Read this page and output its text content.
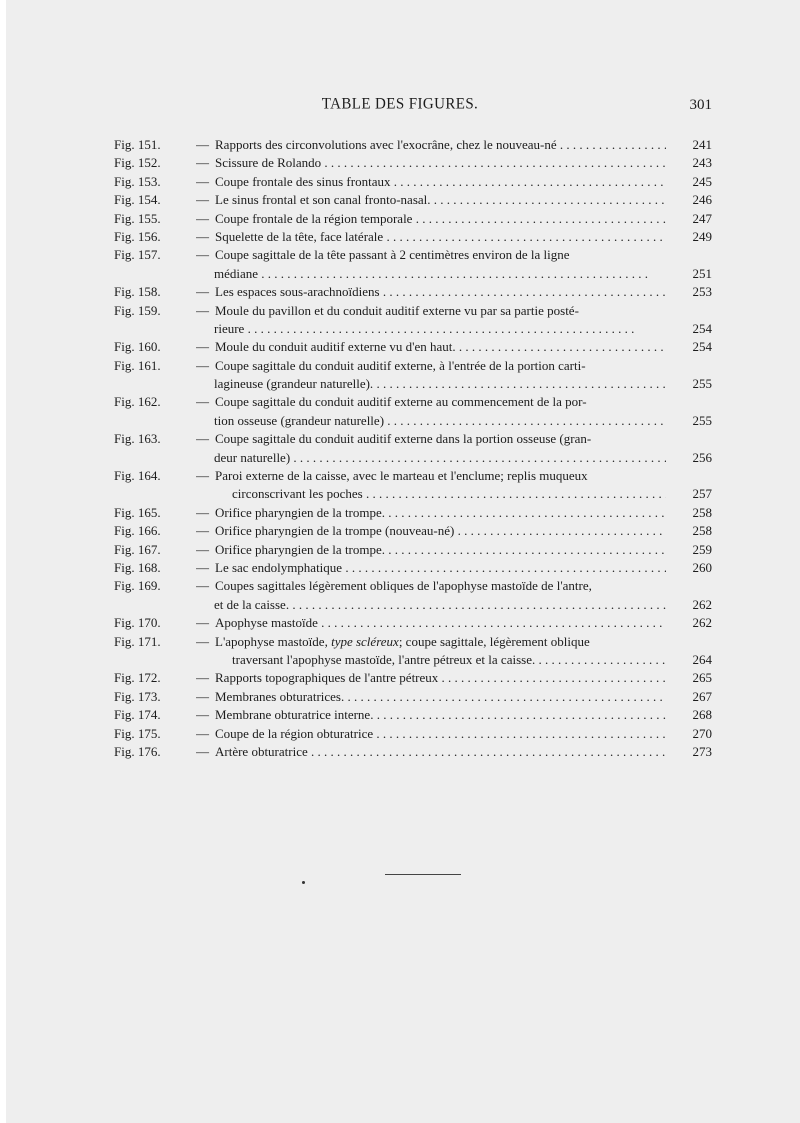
TABLE DES FIGURES.	301
Fig. 151.	— Rapports des circonvolutions avec l'exocrâne, chez le nouveau-né . . .	241
Fig. 152.	— Scissure de Rolando . . .	243
Fig. 153.	— Coupe frontale des sinus frontaux . . .	245
Fig. 154.	— Le sinus frontal et son canal fronto-nasal. . . .	246
Fig. 155.	— Coupe frontale de la région temporale . . .	247
Fig. 156.	— Squelette de la tête, face latérale . . .	249
Fig. 157.	— Coupe sagittale de la tête passant à 2 centimètres environ de la ligne
médiane . . .	251
Fig. 158.	— Les espaces sous-arachnoïdiens . . .	253
Fig. 159.	— Moule du pavillon et du conduit auditif externe vu par sa partie posté-
rieure . . .	254
Fig. 160.	— Moule du conduit auditif externe vu d'en haut. . . .	254
Fig. 161.	— Coupe sagittale du conduit auditif externe, à l'entrée de la portion carti-
lagineuse (grandeur naturelle). . . .	255
Fig. 162.	— Coupe sagittale du conduit auditif externe au commencement de la por-
tion osseuse (grandeur naturelle) . . .	255
Fig. 163.	— Coupe sagittale du conduit auditif externe dans la portion osseuse (gran-
deur naturelle) . . .	256
Fig. 164.	— Paroi externe de la caisse, avec le marteau et l'enclume; replis muqueux
circonscrivant les poches . . .	257
Fig. 165.	— Orifice pharyngien de la trompe. . . .	258
Fig. 166.	— Orifice pharyngien de la trompe (nouveau-né) . . .	258
Fig. 167.	— Orifice pharyngien de la trompe. . . .	259
Fig. 168.	— Le sac endolymphatique . . .	260
Fig. 169.	— Coupes sagittales légèrement obliques de l'apophyse mastoïde de l'antre,
et de la caisse. . . .	262
Fig. 170.	— Apophyse mastoïde . . .	262
Fig. 171.	— L'apophyse mastoïde, type scléreux; coupe sagittale, légèrement oblique
traversant l'apophyse mastoïde, l'antre pétreux et la caisse. . . .	264
Fig. 172.	— Rapports topographiques de l'antre pétreux . . .	265
Fig. 173.	— Membranes obturatrices. . . .	267
Fig. 174.	— Membrane obturatrice interne. . . .	268
Fig. 175.	— Coupe de la région obturatrice . . .	270
Fig. 176.	— Artère obturatrice . . .	273
